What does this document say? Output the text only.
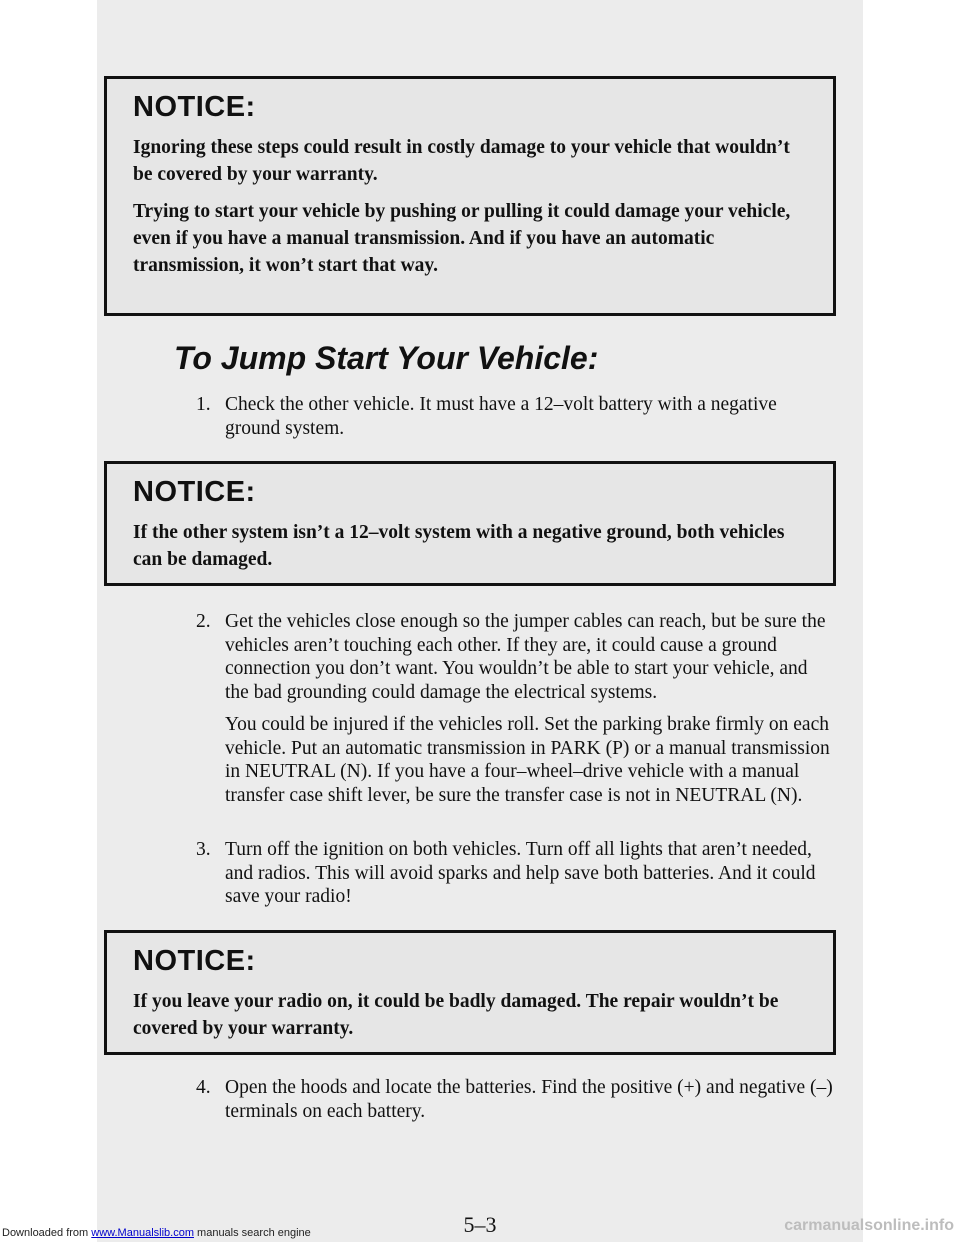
NOTICE:

Ignoring these steps could result in costly damage to your vehicle that wouldn’t be covered by your warranty.

Trying to start your vehicle by pushing or pulling it could damage your vehicle, even if you have a manual transmission. And if you have an automatic transmission, it won’t start that way.

To Jump Start Your Vehicle:
1. Check the other vehicle. It must have a 12–volt battery with a negative ground system.

NOTICE:

If the other system isn’t a 12–volt system with a negative ground, both vehicles can be damaged.

2. Get the vehicles close enough so the jumper cables can reach, but be sure the vehicles aren’t touching each other. If they are, it could cause a ground connection you don’t want. You wouldn’t be able to start your vehicle, and the bad grounding could damage the electrical systems.

You could be injured if the vehicles roll. Set the parking brake firmly on each vehicle. Put an automatic transmission in PARK (P) or a manual transmission in NEUTRAL (N). If you have a four–wheel–drive vehicle with a manual transfer case shift lever, be sure the transfer case is not in NEUTRAL (N).

3. Turn off the ignition on both vehicles. Turn off all lights that aren’t needed, and radios. This will avoid sparks and help save both batteries. And it could save your radio!

NOTICE:

If you leave your radio on, it could be badly damaged. The repair wouldn’t be covered by your warranty.

4. Open the hoods and locate the batteries. Find the positive (+) and negative (–) terminals on each battery.

5–3
Downloaded from www.Manualslib.com manuals search engine	carmanualsonline.info
